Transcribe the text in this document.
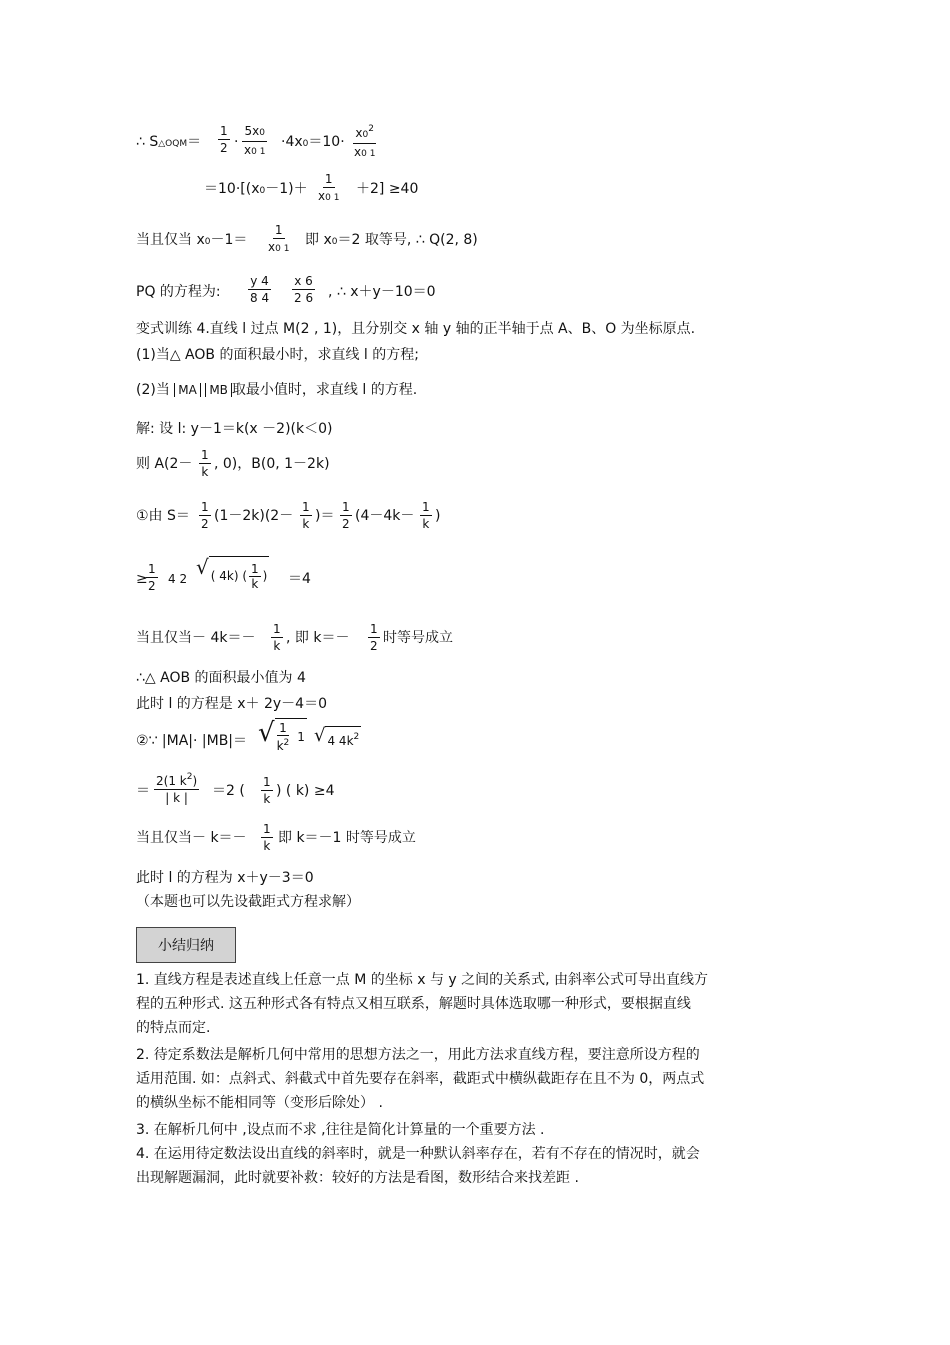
∴ S△OQM＝ $\frac{1}{2} \cdot \frac{5x0}{x0 1} \cdot 4x0=10\cdot \frac{x0^2}{x0 1}$
$=10\cdot[(x0-1)+ \frac{1}{x0 1} +2] \ge 40$
当且仅当 $x0-1= \frac{1}{x0 1}$ 即 x0＝2 取等号, ∴ Q(2, 8)
PQ 的方程为: $\frac{y 4}{8 4} \frac{x 6}{2 6}$ , ∴ x＋y－10＝0
变式训练 4.直线 l 过点 M(2 , 1)，且分别交 x 轴 y 轴的正半轴于点 A、B、O 为坐标原点.
(1)当△ AOB 的面积最小时，求直线 l 的方程;
(2)当 MA MB 取最小值时，求直线 l 的方程.
解: 设 l: y－1＝k(x －2)(k＜0)
则 $A(2- \frac{1}{k}$ , 0)，B(0, 1－2k)
①由 $S= \frac{1}{2} (1-2k)(2- \frac{1}{k}$ )＝ $\frac{1}{2} (4-4k- \frac{1}{k}$ )
≥
$\frac{1}{2} 4$ 2 √ ( 4k) ( $\frac{1}{k}$ ) ＝4
当且仅当－ $4k=- \frac{1}{k}$ , 即 $k=- \frac{1}{2}$ 时等号成立
∴△ AOB 的面积最小值为 4
此时 l 的方程是 x＋ 2y－4＝0
②∵ |MA|· |MB|＝ √ $\frac{1}{k^2} 1$ √ 4 $4k^2$
＝ $\frac{2(1 k^2)}{| k |} =2$ ( $\frac{1}{k}$ ) ( k) ≥4
当且仅当－ $k=- \frac{1}{k}$ 即 k＝－1 时等号成立
此时 l 的方程为 x＋y－3＝0
（本题也可以先设截距式方程求解）
小结归纳
1. 直线方程是表述直线上任意一点 M 的坐标 x 与 y 之间的关系式, 由斜率公式可导出直线方
程的五种形式. 这五种形式各有特点又相互联系，解题时具体选取哪一种形式，要根据直线
的特点而定.
2. 待定系数法是解析几何中常用的思想方法之一，用此方法求直线方程，要注意所设方程的
适用范围. 如：点斜式、斜截式中首先要存在斜率，截距式中横纵截距存在且不为 0，两点式
的横纵坐标不能相同等（变形后除处） .
3. 在解析几何中 ,设点而不求 ,往往是简化计算量的一个重要方法 .
4. 在运用待定数法设出直线的斜率时，就是一种默认斜率存在，若有不存在的情况时，就会
出现解题漏洞，此时就要补救：较好的方法是看图，数形结合来找差距 .
